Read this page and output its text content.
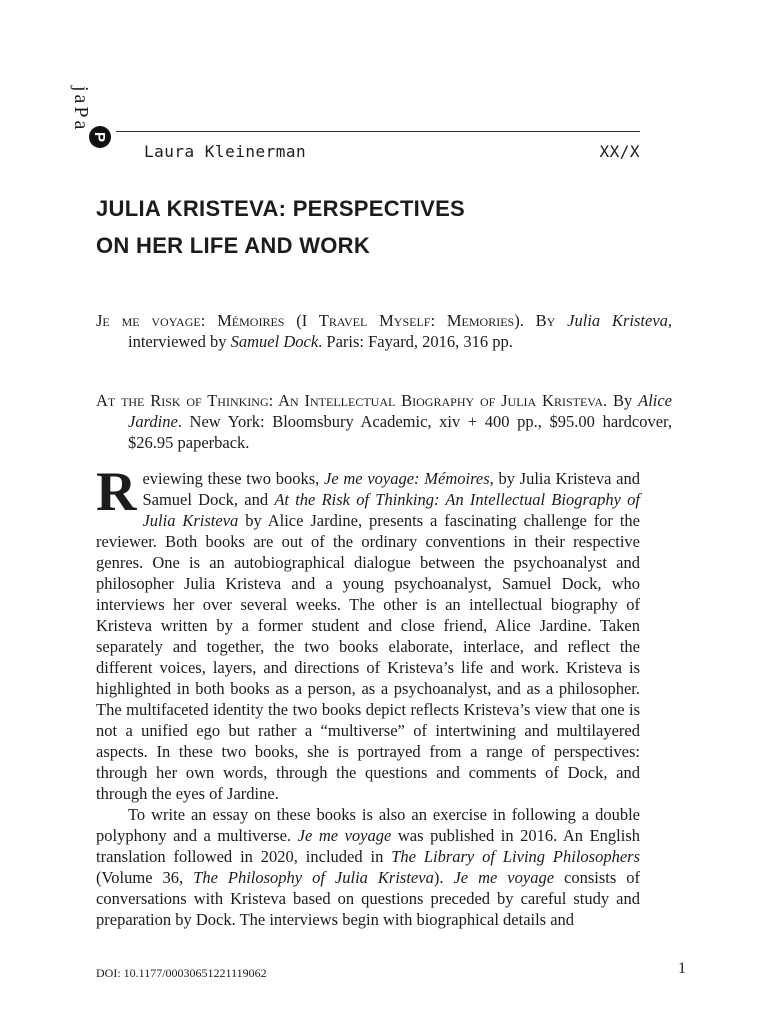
P
jaPa
Laura Kleinerman	XX/X
JULIA KRISTEVA: PERSPECTIVES
ON HER LIFE AND WORK
Je me voyage: Mémoires (I Travel Myself: Memories). By Julia Kristeva, interviewed by Samuel Dock. Paris: Fayard, 2016, 316 pp.
At the Risk of Thinking: An Intellectual Biography of Julia Kristeva. By Alice Jardine. New York: Bloomsbury Academic, xiv + 400 pp., $95.00 hardcover, $26.95 paperback.

Reviewing these two books, Je me voyage: Mémoires, by Julia Kristeva and Samuel Dock, and At the Risk of Thinking: An Intellectual Biography of Julia Kristeva by Alice Jardine, presents a fascinating challenge for the reviewer. Both books are out of the ordinary conventions in their respective genres. One is an autobiographical dialogue between the psychoanalyst and philosopher Julia Kristeva and a young psychoanalyst, Samuel Dock, who interviews her over several weeks. The other is an intellectual biography of Kristeva written by a former student and close friend, Alice Jardine. Taken separately and together, the two books elaborate, interlace, and reflect the different voices, layers, and directions of Kristeva’s life and work. Kristeva is highlighted in both books as a person, as a psychoanalyst, and as a philosopher. The multifaceted identity the two books depict reflects Kristeva’s view that one is not a unified ego but rather a “multiverse” of intertwining and multilayered aspects. In these two books, she is portrayed from a range of perspectives: through her own words, through the questions and comments of Dock, and through the eyes of Jardine.

To write an essay on these books is also an exercise in following a double polyphony and a multiverse. Je me voyage was published in 2016. An English translation followed in 2020, included in The Library of Living Philosophers (Volume 36, The Philosophy of Julia Kristeva). Je me voyage consists of conversations with Kristeva based on questions preceded by careful study and preparation by Dock. The interviews begin with biographical details and

DOI: 10.1177/00030651221119062	1
